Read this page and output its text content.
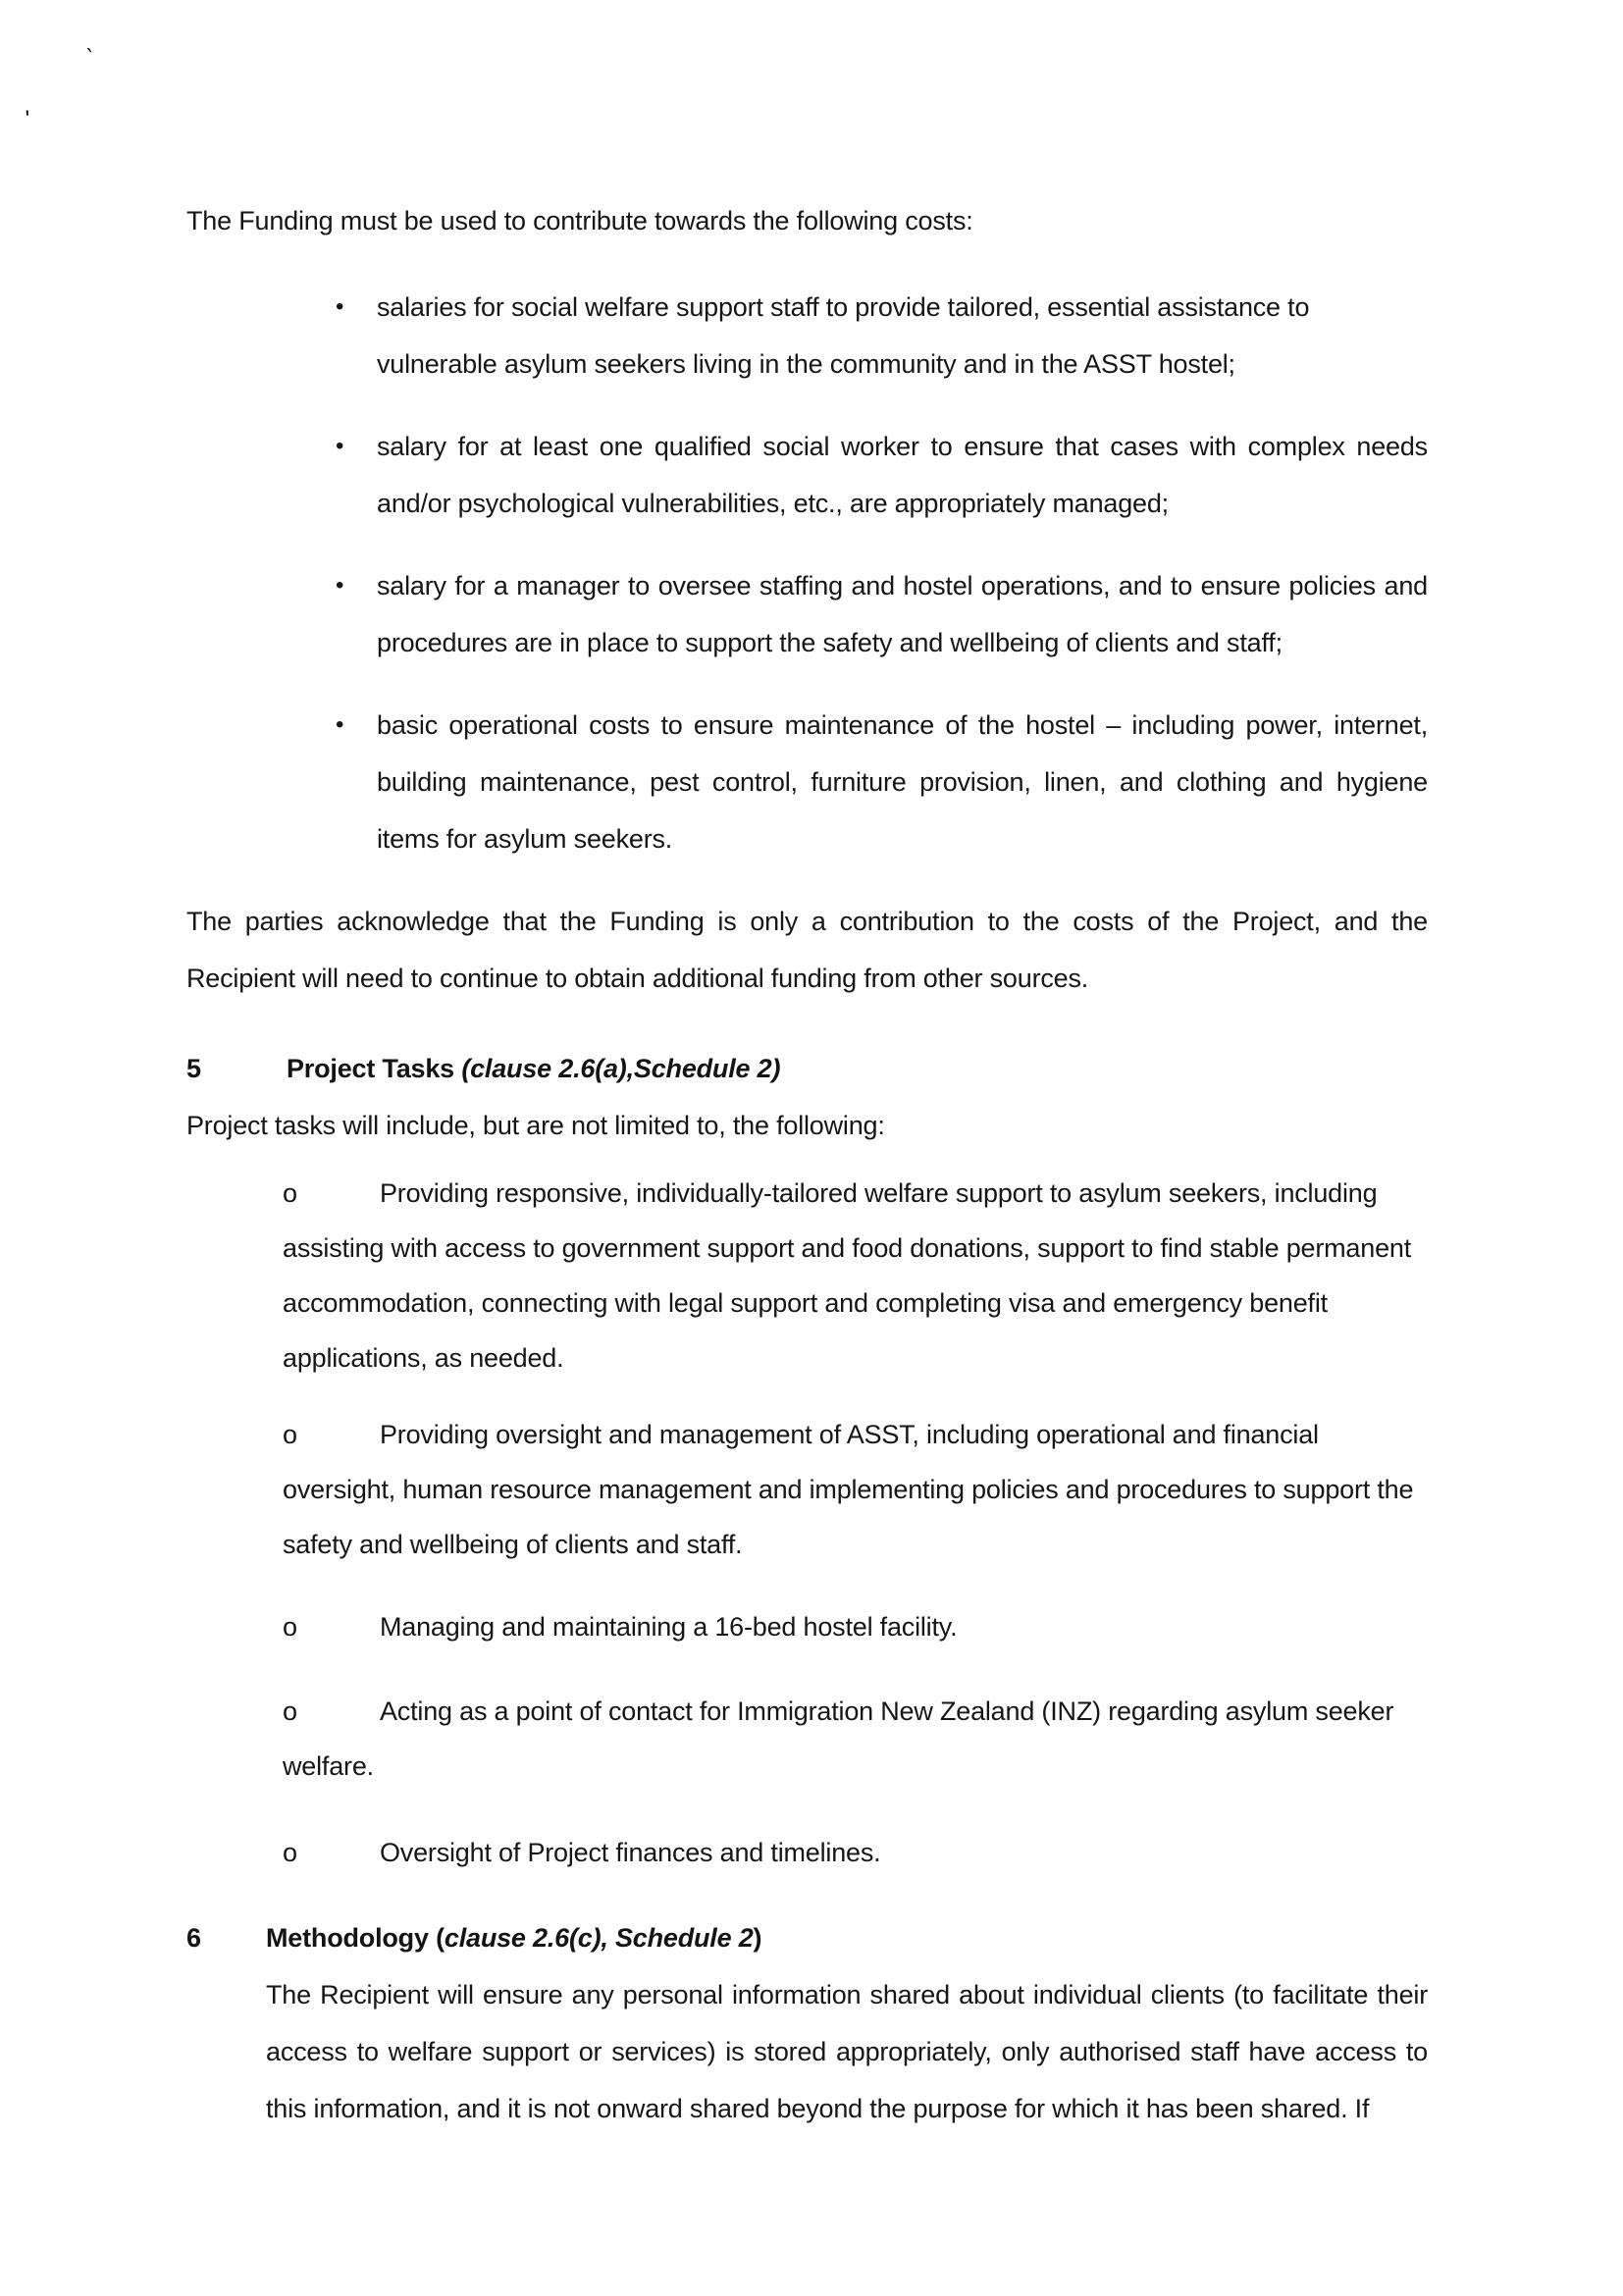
`
'

The Funding must be used to contribute towards the following costs:

• salaries for social welfare support staff to provide tailored, essential assistance to vulnerable asylum seekers living in the community and in the ASST hostel;
• salary for at least one qualified social worker to ensure that cases with complex needs and/or psychological vulnerabilities, etc., are appropriately managed;
• salary for a manager to oversee staffing and hostel operations, and to ensure policies and procedures are in place to support the safety and wellbeing of clients and staff;
• basic operational costs to ensure maintenance of the hostel – including power, internet, building maintenance, pest control, furniture provision, linen, and clothing and hygiene items for asylum seekers.

The parties acknowledge that the Funding is only a contribution to the costs of the Project, and the Recipient will need to continue to obtain additional funding from other sources.

5	Project Tasks (clause 2.6(a),Schedule 2)

Project tasks will include, but are not limited to, the following:

o	Providing responsive, individually-tailored welfare support to asylum seekers, including assisting with access to government support and food donations, support to find stable permanent accommodation, connecting with legal support and completing visa and emergency benefit applications, as needed.
o	Providing oversight and management of ASST, including operational and financial oversight, human resource management and implementing policies and procedures to support the safety and wellbeing of clients and staff.
o	Managing and maintaining a 16-bed hostel facility.
o	Acting as a point of contact for Immigration New Zealand (INZ) regarding asylum seeker welfare.
o	Oversight of Project finances and timelines.
6 Methodology (clause 2.6(c), Schedule 2)

The Recipient will ensure any personal information shared about individual clients (to facilitate their access to welfare support or services) is stored appropriately, only authorised staff have access to this information, and it is not onward shared beyond the purpose for which it has been shared. If
